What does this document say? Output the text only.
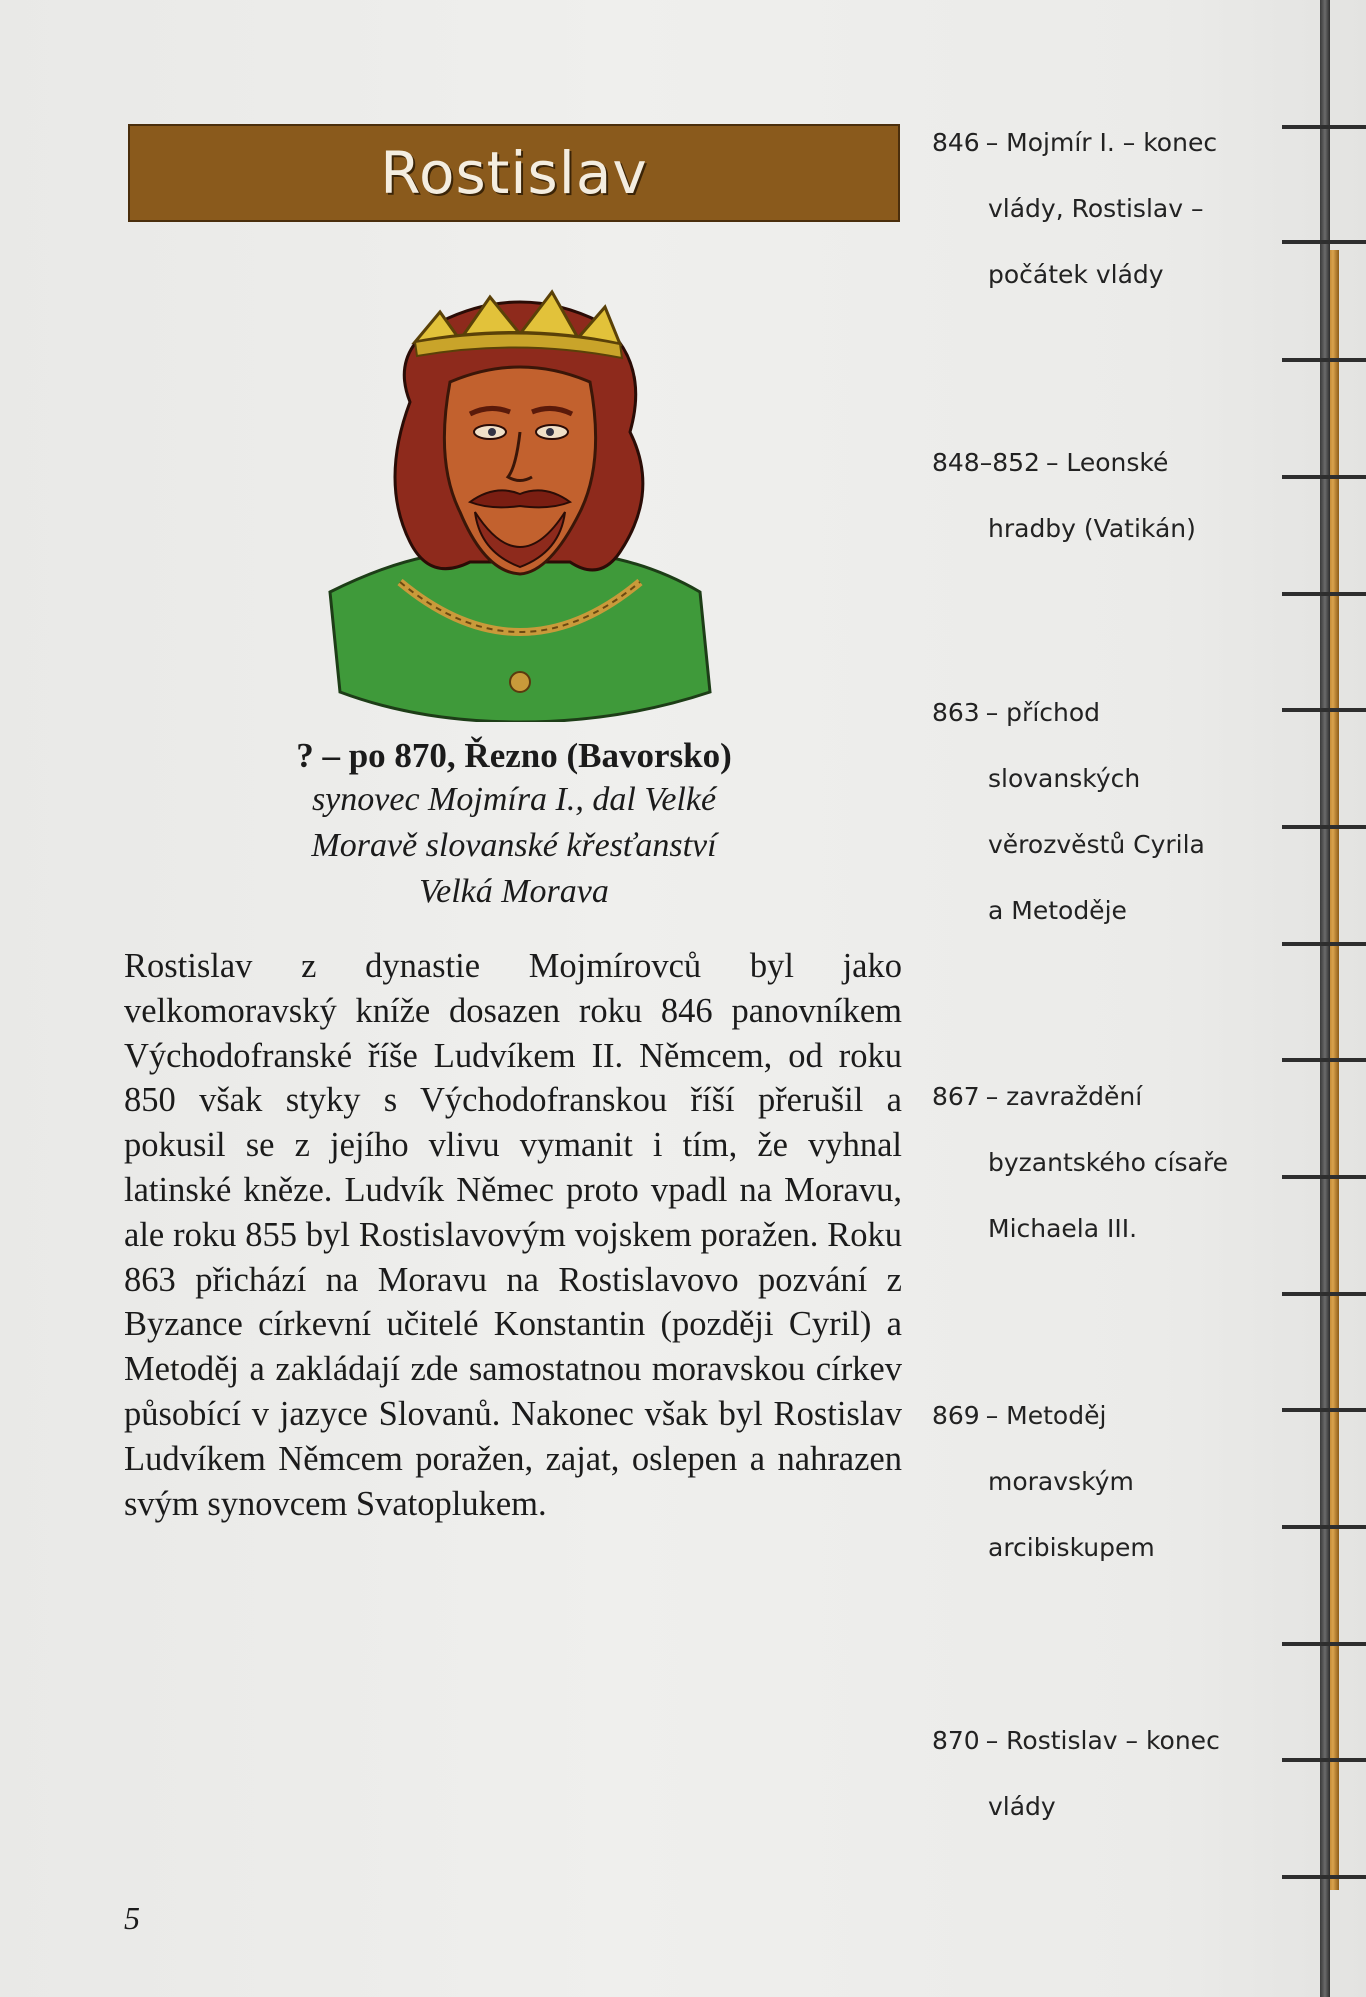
Rostislav
? – po 870, Řezno (Bavorsko)
synovec Mojmíra I., dal Velké
Moravě slovanské křesťanství
Velká Morava
Rostislav z dynastie Mojmírovců byl jako velkomoravský kníže dosazen roku 846 panovníkem Východofranské říše Ludvíkem II. Němcem, od roku 850 však styky s Východofranskou říší přerušil a pokusil se z jejího vlivu vymanit i tím, že vyhnal latinské kněze. Ludvík Němec proto vpadl na Moravu, ale roku 855 byl Rostislavovým vojskem poražen. Roku 863 přichází na Moravu na Rostislavovo pozvání z Byzance církevní učitelé Konstantin (později Cyril) a Metoděj a zakládají zde samostatnou moravskou církev působící v jazyce Slovanů. Nakonec však byl Rostislav Ludvíkem Němcem poražen, zajat, oslepen a nahrazen svým synovcem Svatoplukem.
5
846 – Mojmír I. – konec
vlády, Rostislav –
počátek vlády
848–852 – Leonské
hradby (Vatikán)
863 – příchod
slovanských
věrozvěstů Cyrila
a Metoděje
867 – zavraždění
byzantského císaře
Michaela III.
869 – Metoděj
moravským
arcibiskupem
870 – Rostislav – konec
vlády
